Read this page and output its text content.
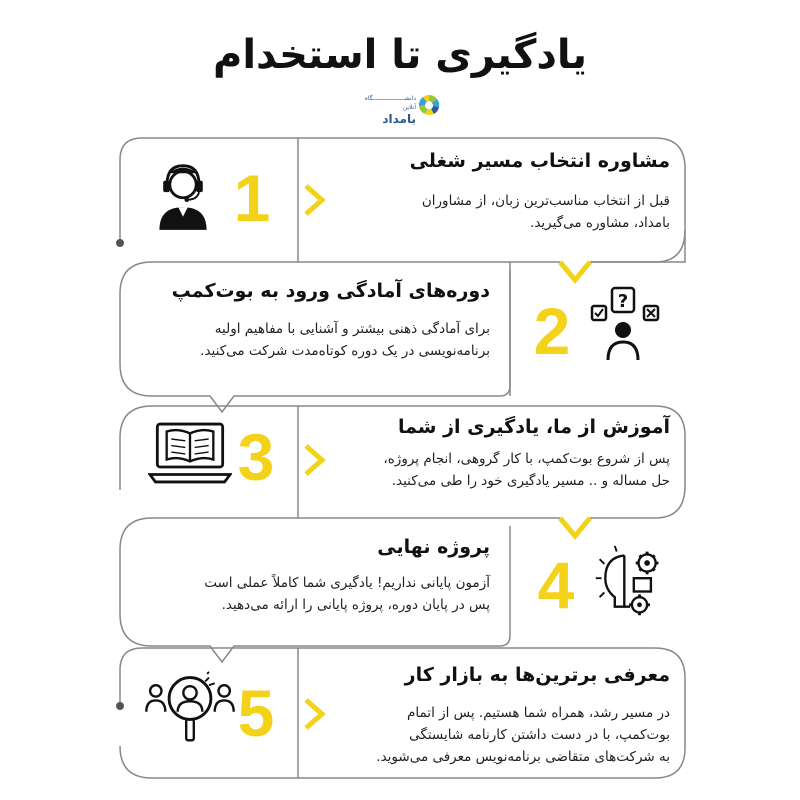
یادگیری تا استخدام
دانشــــــــــــــــــگاه آنلاین
بامداد
مشاوره انتخاب مسیر شغلی
قبل از انتخاب مناسب‌ترین زبان، از مشاوران
بامداد، مشاوره می‌گیرید.
1
دوره‌های آمادگی ورود به بوت‌کمپ
برای آمادگی ذهنی بیشتر و آشنایی با مفاهیم اولیه
برنامه‌نویسی در یک دوره کوتاه‌مدت شرکت می‌کنید. 2	?
آموزش از ما، یادگیری از شما
پس از شروع بوت‌کمپ، با کار گروهی، انجام پروژه،
حل مساله و .. مسیر یادگیری خود را طی می‌کنید.
3
پروژه نهایی
آزمون پایانی نداریم! یادگیری شما کاملاً عملی است
پس در پایان دوره، پروژه پایانی را ارائه می‌دهید. 4
معرفی برترین‌ها به بازار کار
در مسیر رشد، همراه شما هستیم. پس از اتمام
بوت‌کمپ، با در دست داشتن کارنامه شایستگی
به شرکت‌های متقاضی برنامه‌نویس معرفی می‌شوید.
5
